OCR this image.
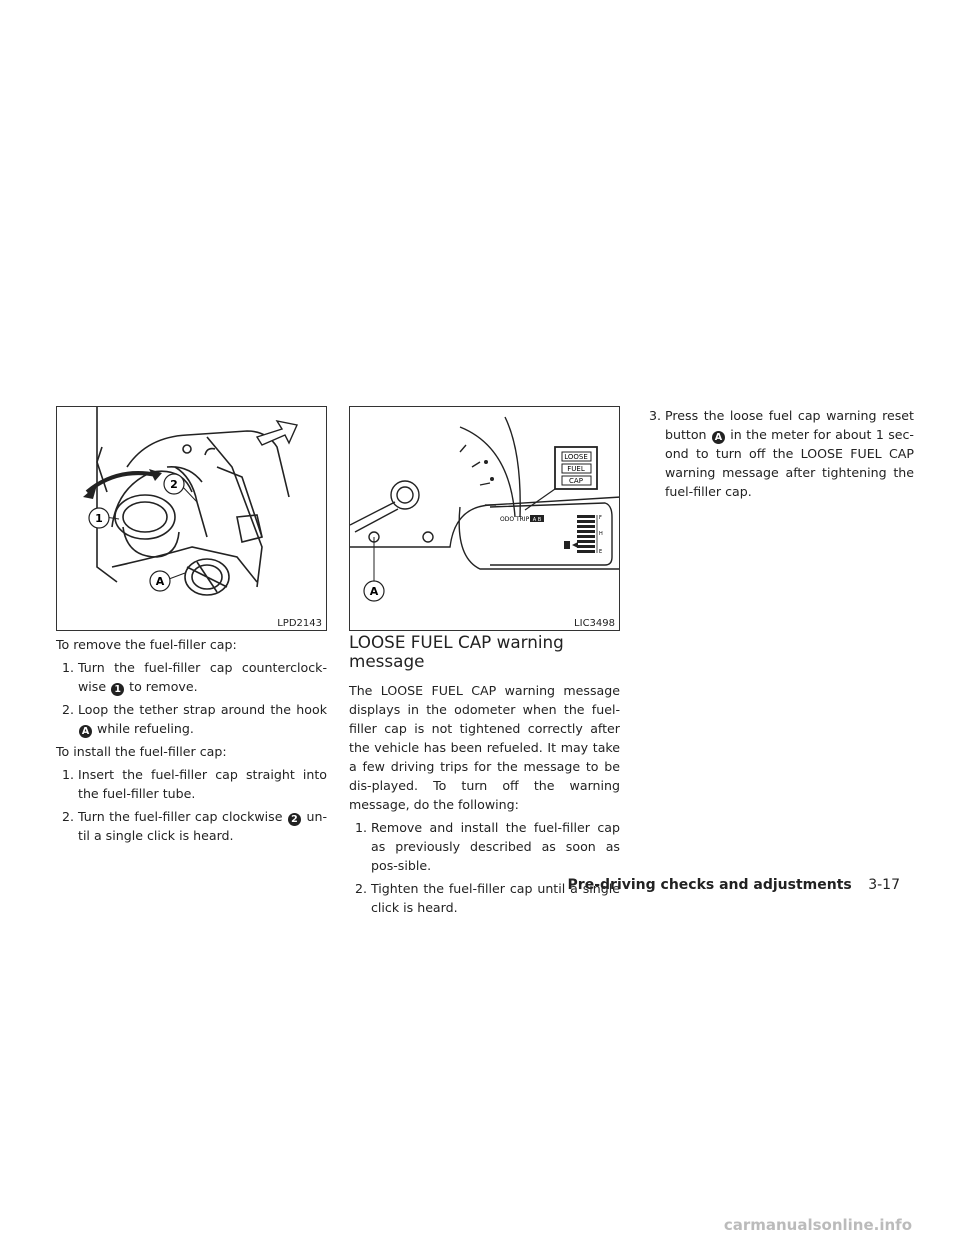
1
2
A
LPD2143
LOOSE
FUEL
CAP
ODO TRIP A B	F
H
E
A
LIC3498

To remove the fuel-filler cap:

1. Turn the fuel-filler cap counterclock-wise 1 to remove.
2. Loop the tether strap around the hook A while refueling.

To install the fuel-filler cap:

1. Insert the fuel-filler cap straight into the fuel-filler tube.
2. Turn the fuel-filler cap clockwise 2 un-til a single click is heard.
LOOSE FUEL CAP warning
message

The LOOSE FUEL CAP warning message displays in the odometer when the fuel-filler cap is not tightened correctly after the vehicle has been refueled. It may take a few driving trips for the message to be dis-played. To turn off the warning message, do the following:

1. Remove and install the fuel-filler cap as previously described as soon as pos-sible.
2. Tighten the fuel-filler cap until a single click is heard.
3. Press the loose fuel cap warning reset button A in the meter for about 1 sec-ond to turn off the LOOSE FUEL CAP warning message after tightening the fuel-filler cap.
Pre-driving checks and adjustments 3-17
carmanualsonline.info
